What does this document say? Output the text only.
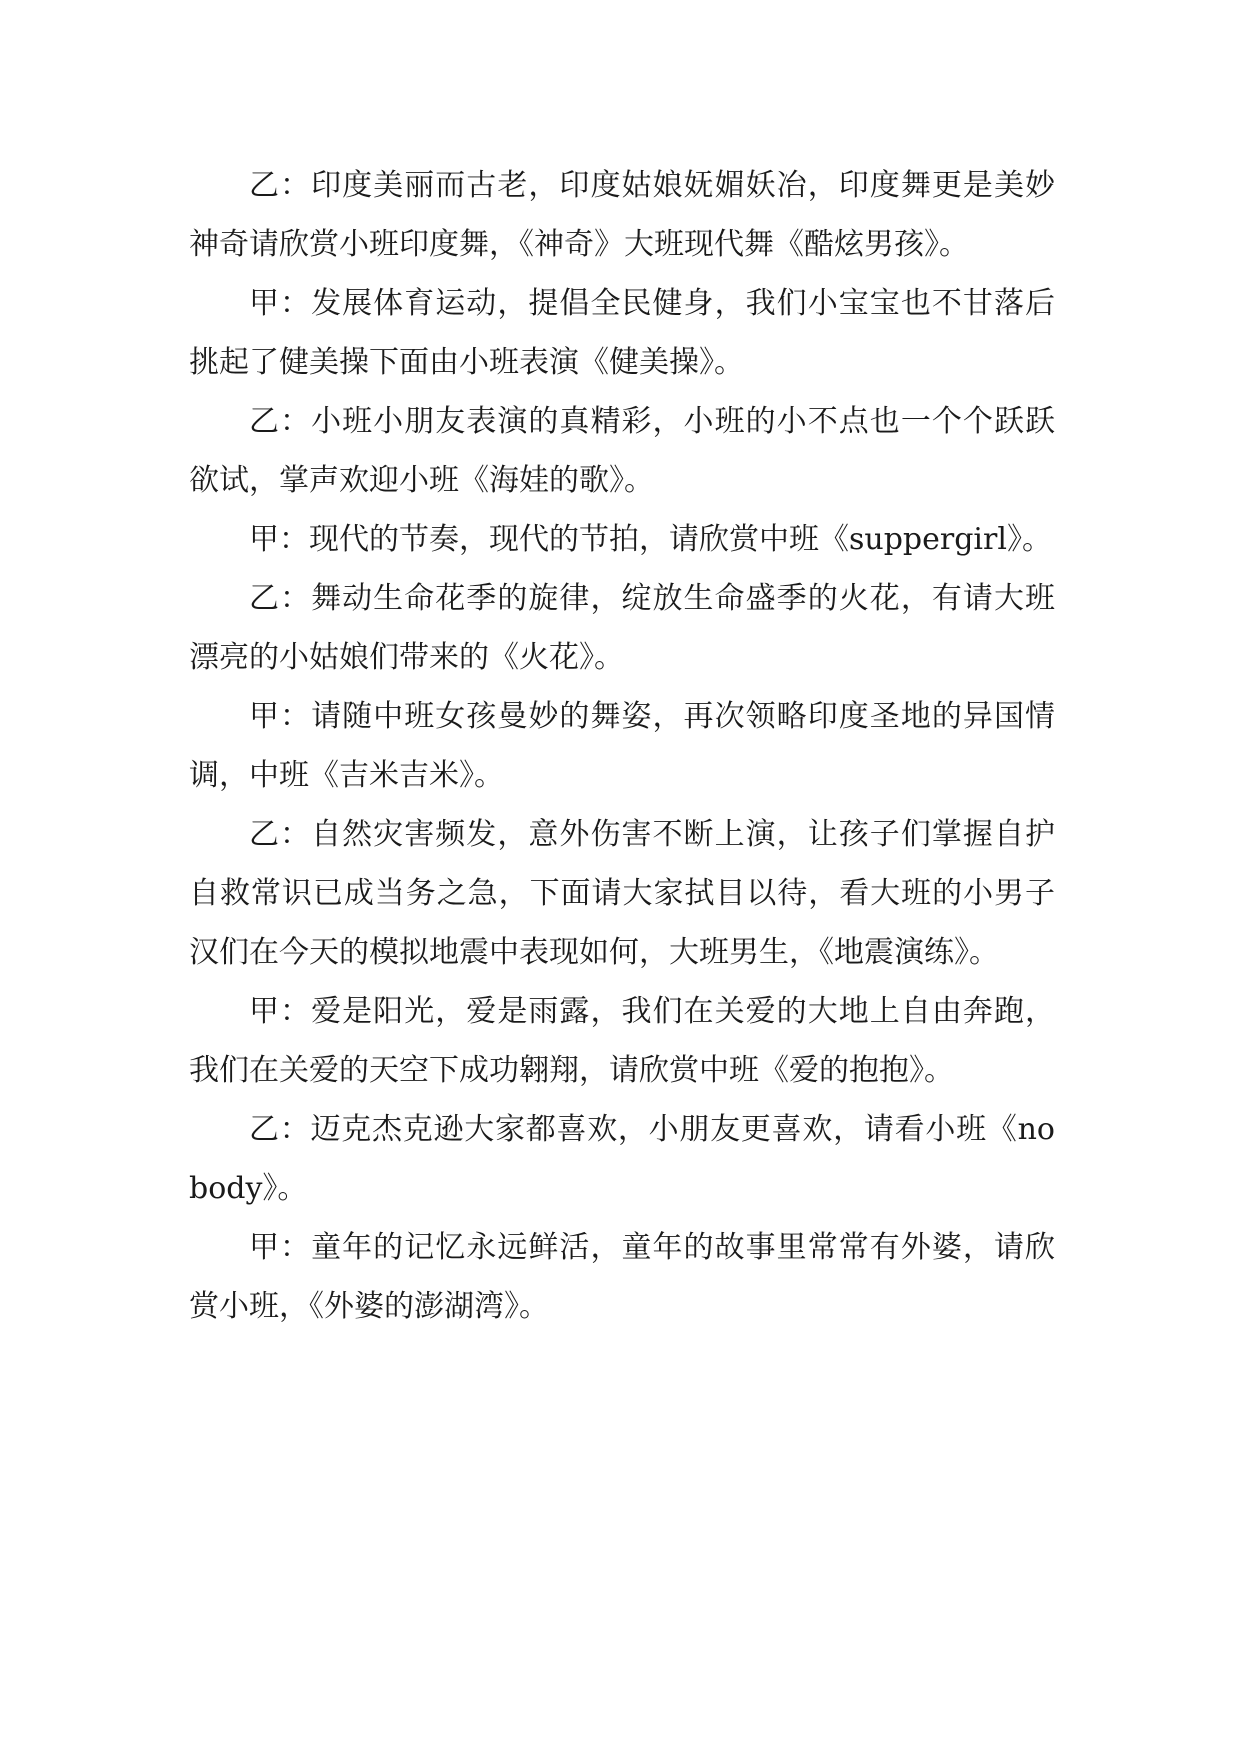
乙：印度美丽而古老，印度姑娘妩媚妖冶，印度舞更是美妙神奇请欣赏小班印度舞，《神奇》大班现代舞《酷炫男孩》。

甲：发展体育运动，提倡全民健身，我们小宝宝也不甘落后挑起了健美操下面由小班表演《健美操》。

乙：小班小朋友表演的真精彩，小班的小不点也一个个跃跃欲试，掌声欢迎小班《海娃的歌》。

甲：现代的节奏，现代的节拍，请欣赏中班《suppergirl》。

乙：舞动生命花季的旋律，绽放生命盛季的火花，有请大班漂亮的小姑娘们带来的《火花》。

甲：请随中班女孩曼妙的舞姿，再次领略印度圣地的异国情调，中班《吉米吉米》。

乙：自然灾害频发，意外伤害不断上演，让孩子们掌握自护自救常识已成当务之急，下面请大家拭目以待，看大班的小男子汉们在今天的模拟地震中表现如何，大班男生，《地震演练》。

甲：爱是阳光，爱是雨露，我们在关爱的大地上自由奔跑，我们在关爱的天空下成功翱翔，请欣赏中班《爱的抱抱》。

乙：迈克杰克逊大家都喜欢，小朋友更喜欢，请看小班《nobody》。

甲：童年的记忆永远鲜活，童年的故事里常常有外婆，请欣赏小班，《外婆的澎湖湾》。
